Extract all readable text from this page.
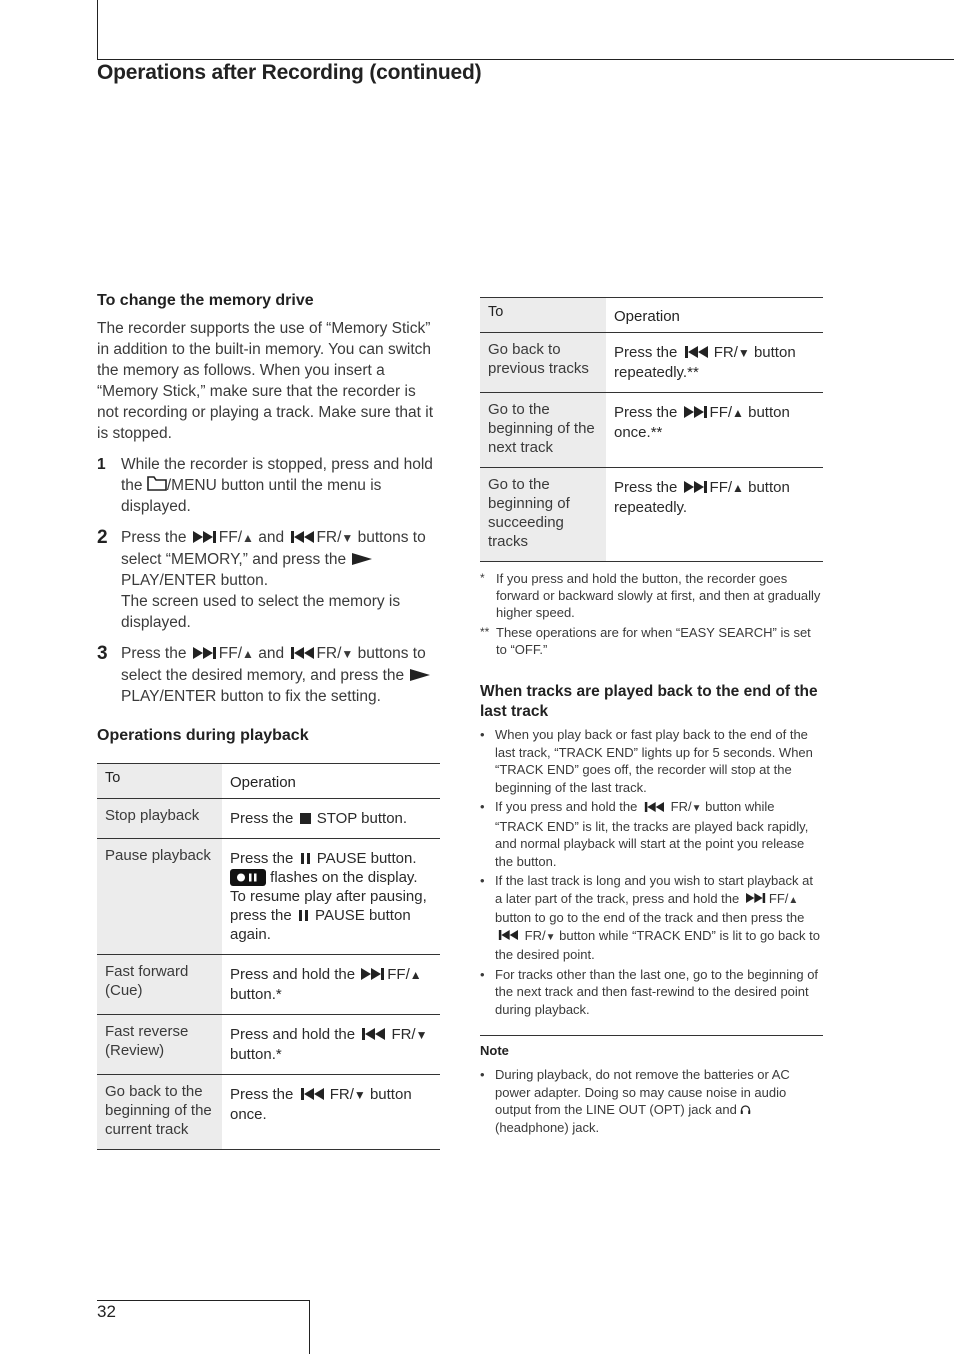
Operations after Recording (continued)
To change the memory drive

The recorder supports the use of “Memory Stick” in addition to the built-in memory. You can switch the memory as follows. When you insert a “Memory Stick,” make sure that the recorder is not recording or playing a track. Make sure that it is stopped.

1 While the recorder is stopped, press and hold the /MENU button until the menu is displayed.
2 Press the FF/▲ and FR/▼ buttons to select “MEMORY,” and press the  PLAY/ENTER button.

The screen used to select the memory is displayed.

3 Press the FF/▲ and FR/▼ buttons to select the desired memory, and press the  PLAY/ENTER button to fix the setting.

Operations during playback
To	Operation
Stop playback	Press the STOP button.
Pause playback	Press the PAUSE button.
flashes on the display. To resume play after pausing, press the PAUSE button again.
Fast forward (Cue)	Press and hold the FF/▲ button.*
Fast reverse (Review)	Press and hold the FR/▼ button.*
Go back to the beginning of the current track	Press the FR/▼ button once.
To	Operation
Go back to previous tracks	Press the FR/▼ button repeatedly.**
Go to the beginning of the next track	Press the FF/▲ button once.**
Go to the beginning of succeeding tracks	Press the FF/▲ button repeatedly.
* If you press and hold the button, the recorder goes forward or backward slowly at first, and then at gradually higher speed.
** These operations are for when “EASY SEARCH” is set to “OFF.”
When tracks are played back to the end of the last track
• When you play back or fast play back to the end of the last track, “TRACK END” lights up for 5 seconds. When “TRACK END” goes off, the recorder will stop at the beginning of the last track.
• If you press and hold the	FR/▼ button while “TRACK END” is lit, the tracks are played back rapidly, and normal playback will start at the point you release the button.
• If the last track is long and you wish to start playback at a later part of the track, press and hold the FF/▲ button to go to the end of the track and then press the  FR/▼ button while “TRACK END” is lit to go back to the desired point.
• For tracks other than the last one, go to the beginning of the next track and then fast-rewind to the desired point during playback.
Note
• During playback, do not remove the batteries or AC power adapter. Doing so may cause noise in audio output from the LINE OUT (OPT) jack and  (headphone) jack.
32
